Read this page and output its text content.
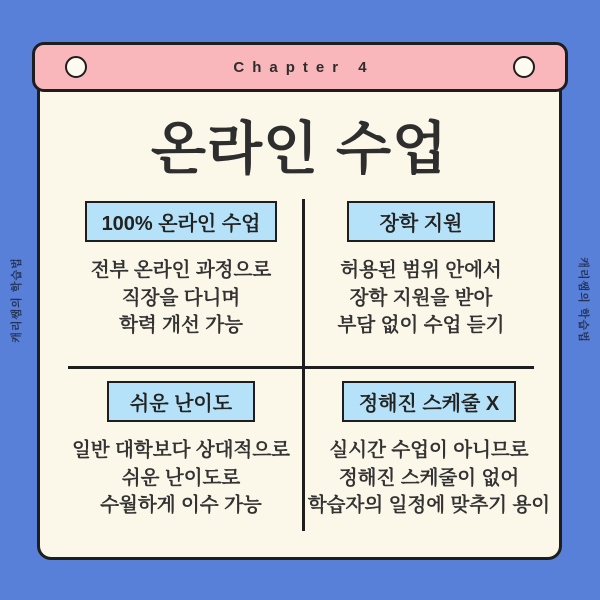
캐리쌤의 학습법	캐리쌤의 학습법
Chapter 4
온라인 수업
100% 온라인 수업

전부 온라인 과정으로

직장을 다니며

학력 개선 가능

장학 지원

허용된 범위 안에서

장학 지원을 받아

부담 없이 수업 듣기

쉬운 난이도

일반 대학보다 상대적으로

쉬운 난이도로

수월하게 이수 가능

정해진 스케줄 X

실시간 수업이 아니므로

정해진 스케줄이 없어

학습자의 일정에 맞추기 용이
